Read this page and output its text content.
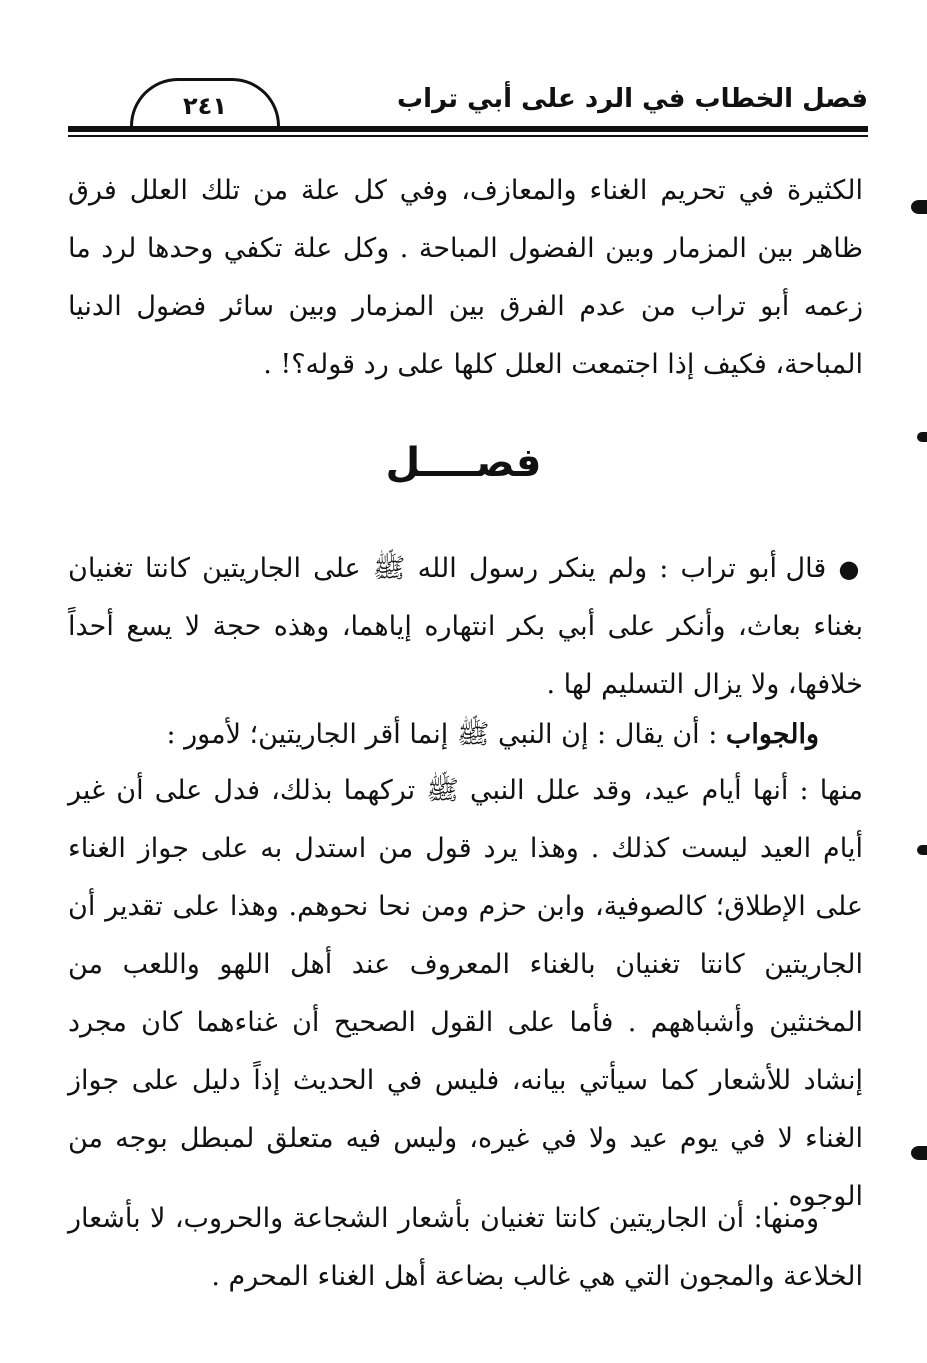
فصل الخطاب في الرد على أبي تراب
٢٤١
الكثيرة في تحريم الغناء والمعازف، وفي كل علة من تلك العلل فرق ظاهر بين المزمار وبين الفضول المباحة . وكل علة تكفي وحدها لرد ما زعمه أبو تراب من عدم الفرق بين المزمار وبين سائر فضول الدنيا المباحة، فكيف إذا اجتمعت العلل كلها على رد قوله؟! .
فصــــل
● قال أبو تراب : ولم ينكر رسول الله ﷺ على الجاريتين كانتا تغنيان بغناء بعاث، وأنكر على أبي بكر انتهاره إياهما، وهذه حجة لا يسع أحداً خلافها، ولا يزال التسليم لها .
والجواب : أن يقال : إن النبي ﷺ إنما أقر الجاريتين؛ لأمور :
منها : أنها أيام عيد، وقد علل النبي ﷺ تركهما بذلك، فدل على أن غير أيام العيد ليست كذلك . وهذا يرد قول من استدل به على جواز الغناء على الإطلاق؛ كالصوفية، وابن حزم ومن نحا نحوهم. وهذا على تقدير أن الجاريتين كانتا تغنيان بالغناء المعروف عند أهل اللهو واللعب من المخنثين وأشباههم . فأما على القول الصحيح أن غناءهما كان مجرد إنشاد للأشعار كما سيأتي بيانه، فليس في الحديث إذاً دليل على جواز الغناء لا في يوم عيد ولا في غيره، وليس فيه متعلق لمبطل بوجه من الوجوه .
ومنها: أن الجاريتين كانتا تغنيان بأشعار الشجاعة والحروب، لا بأشعار الخلاعة والمجون التي هي غالب بضاعة أهل الغناء المحرم .
